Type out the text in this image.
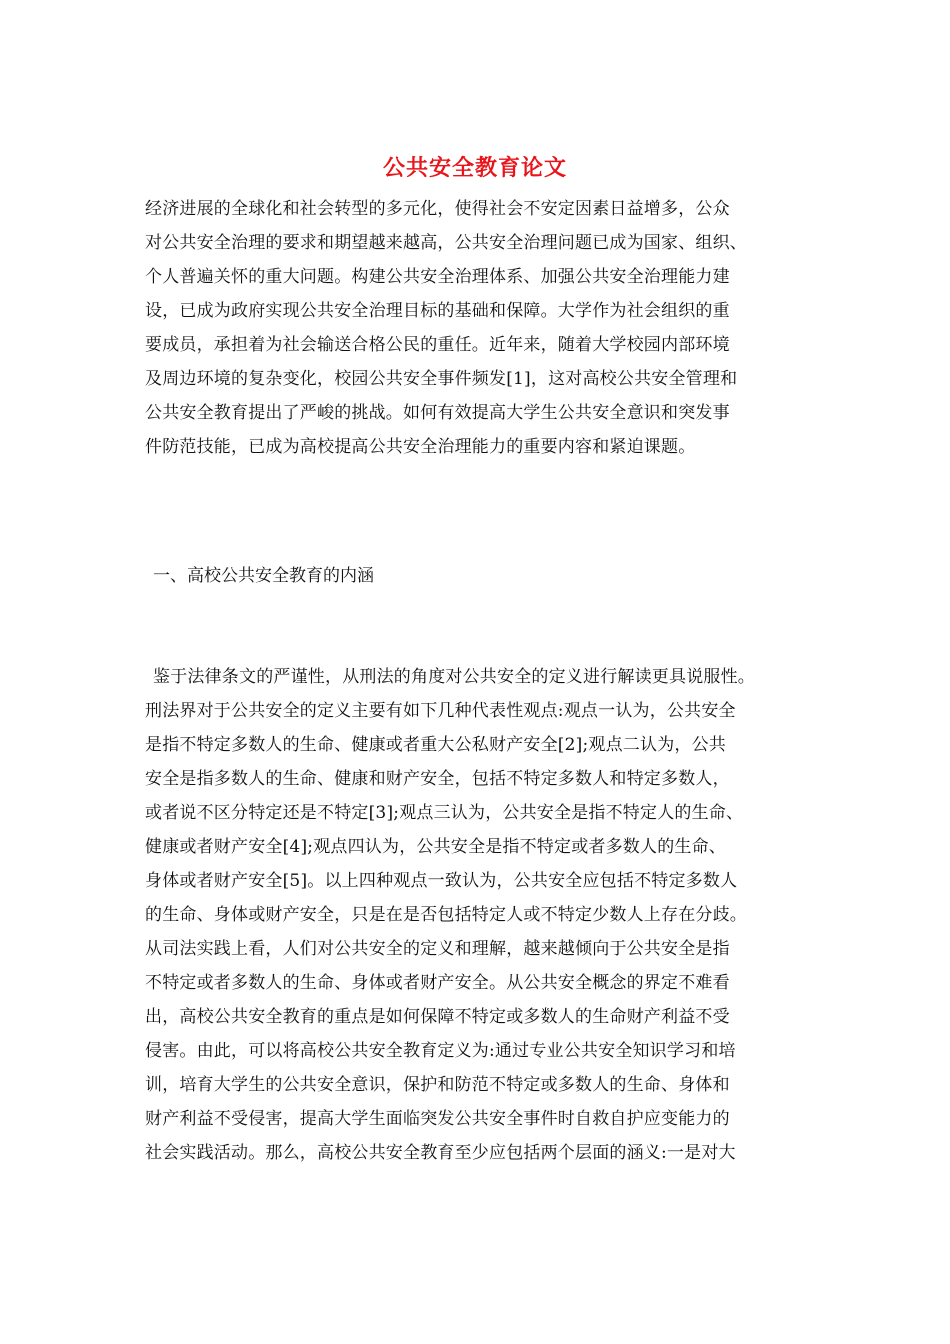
公共安全教育论文
经济进展的全球化和社会转型的多元化，使得社会不安定因素日益增多，公众
对公共安全治理的要求和期望越来越高，公共安全治理问题已成为国家、组织、
个人普遍关怀的重大问题。构建公共安全治理体系、加强公共安全治理能力建
设，已成为政府实现公共安全治理目标的基础和保障。大学作为社会组织的重
要成员，承担着为社会输送合格公民的重任。近年来，随着大学校园内部环境
及周边环境的复杂变化，校园公共安全事件频发[1]，这对高校公共安全管理和
公共安全教育提出了严峻的挑战。如何有效提高大学生公共安全意识和突发事
件防范技能，已成为高校提高公共安全治理能力的重要内容和紧迫课题。
一、高校公共安全教育的内涵
鉴于法律条文的严谨性，从刑法的角度对公共安全的定义进行解读更具说服性。
刑法界对于公共安全的定义主要有如下几种代表性观点:观点一认为，公共安全
是指不特定多数人的生命、健康或者重大公私财产安全[2];观点二认为，公共
安全是指多数人的生命、健康和财产安全，包括不特定多数人和特定多数人，
或者说不区分特定还是不特定[3];观点三认为，公共安全是指不特定人的生命、
健康或者财产安全[4];观点四认为，公共安全是指不特定或者多数人的生命、
身体或者财产安全[5]。以上四种观点一致认为，公共安全应包括不特定多数人
的生命、身体或财产安全，只是在是否包括特定人或不特定少数人上存在分歧。
从司法实践上看，人们对公共安全的定义和理解，越来越倾向于公共安全是指
不特定或者多数人的生命、身体或者财产安全。从公共安全概念的界定不难看
出，高校公共安全教育的重点是如何保障不特定或多数人的生命财产利益不受
侵害。由此，可以将高校公共安全教育定义为:通过专业公共安全知识学习和培
训，培育大学生的公共安全意识，保护和防范不特定或多数人的生命、身体和
财产利益不受侵害，提高大学生面临突发公共安全事件时自救自护应变能力的
社会实践活动。那么，高校公共安全教育至少应包括两个层面的涵义:一是对大
